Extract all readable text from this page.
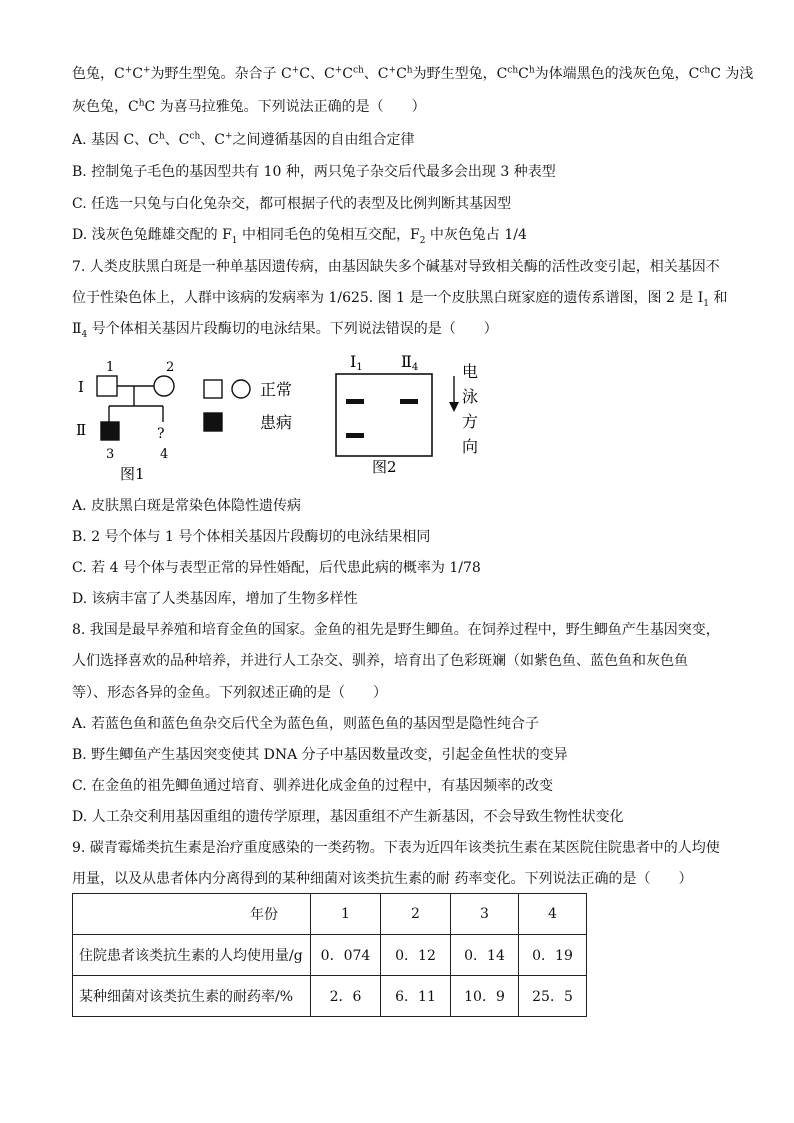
色兔，C+C+为野生型兔。杂合子 C+C、$C^+C^{ch}$、$C^+C^h$为野生型兔，$C^{ch}C^h$为体端黑色的浅灰色兔，$C^{ch}C$ 为浅
灰色兔，$C^hC$ 为喜马拉雅兔。下列说法正确的是（　　）
A. 基因 C、$C^h$、$C^{ch}$、C+之间遵循基因的自由组合定律
B. 控制兔子毛色的基因型共有 10 种，两只兔子杂交后代最多会出现 3 种表型
C. 任选一只兔与白化兔杂交，都可根据子代的表型及比例判断其基因型
D. 浅灰色兔雌雄交配的 $F_1$ 中相同毛色的兔相互交配，$F_2$ 中灰色兔占 1/4
7. 人类皮肤黑白斑是一种单基因遗传病，由基因缺失多个碱基对导致相关酶的活性改变引起，相关基因不
位于性染色体上，人群中该病的发病率为 1/625. 图 1 是一个皮肤黑白斑家庭的遗传系谱图，图 2 是 $I_1$ 和
$Ⅱ_4$ 号个体相关基因片段酶切的电泳结果。下列说法错误的是（　　）
I
Ⅱ
1	2
?
3	4
图1
正常
患病
I1 Ⅱ4	电
泳
方
向
图2
A. 皮肤黑白斑是常染色体隐性遗传病
B. 2 号个体与 1 号个体相关基因片段酶切的电泳结果相同
C. 若 4 号个体与表型正常的异性婚配，后代患此病的概率为 1/78
D. 该病丰富了人类基因库，增加了生物多样性
8. 我国是最早养殖和培育金鱼的国家。金鱼的祖先是野生鲫鱼。在饲养过程中，野生鲫鱼产生基因突变，
人们选择喜欢的品种培养，并进行人工杂交、驯养，培育出了色彩斑斓（如紫色鱼、蓝色鱼和灰色鱼
等）、形态各异的金鱼。下列叙述正确的是（　　）
A. 若蓝色鱼和蓝色鱼杂交后代全为蓝色鱼，则蓝色鱼的基因型是隐性纯合子
B. 野生鲫鱼产生基因突变使其 DNA 分子中基因数量改变，引起金鱼性状的变异
C. 在金鱼的祖先鲫鱼通过培育、驯养进化成金鱼的过程中，有基因频率的改变
D. 人工杂交利用基因重组的遗传学原理，基因重组不产生新基因，不会导致生物性状变化
9. 碳青霉烯类抗生素是治疗重度感染的一类药物。下表为近四年该类抗生素在某医院住院患者中的人均使
用量，以及从患者体内分离得到的某种细菌对该类抗生素的耐 药率变化。下列说法正确的是（　　）
年份	1	2	3	4
住院患者该类抗生素的人均使用量/g	0．074	0．12	0．14	0．19
某种细菌对该类抗生素的耐药率/%	2．6	6．11	10．9	25．5
